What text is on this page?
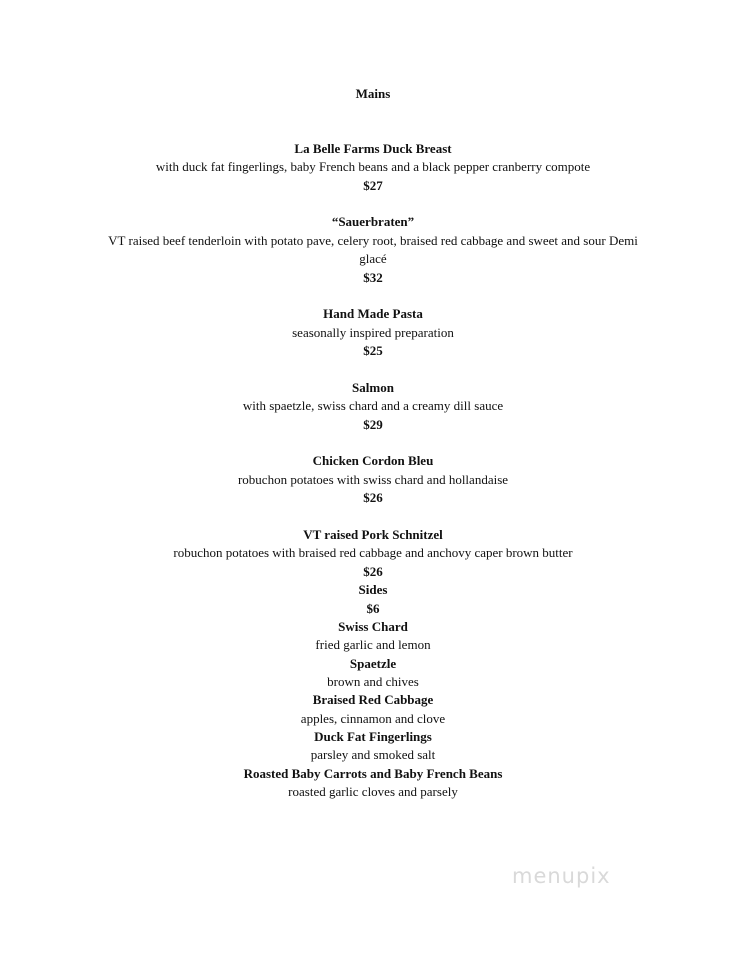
Mains
La Belle Farms Duck Breast
with duck fat fingerlings, baby French beans and a black pepper cranberry compote
$27
“Sauerbraten”
VT raised beef tenderloin with potato pave, celery root, braised red cabbage and sweet and sour Demi
glacé
$32
Hand Made Pasta
seasonally inspired preparation
$25
Salmon
with spaetzle, swiss chard and a creamy dill sauce
$29
Chicken Cordon Bleu
robuchon potatoes with swiss chard and hollandaise
$26
VT raised Pork Schnitzel
robuchon potatoes with braised red cabbage and anchovy caper brown butter
$26
Sides
$6
Swiss Chard
fried garlic and lemon
Spaetzle
brown and chives
Braised Red Cabbage
apples, cinnamon and clove
Duck Fat Fingerlings
parsley and smoked salt
Roasted Baby Carrots and Baby French Beans
roasted garlic cloves and parsely
menupix
